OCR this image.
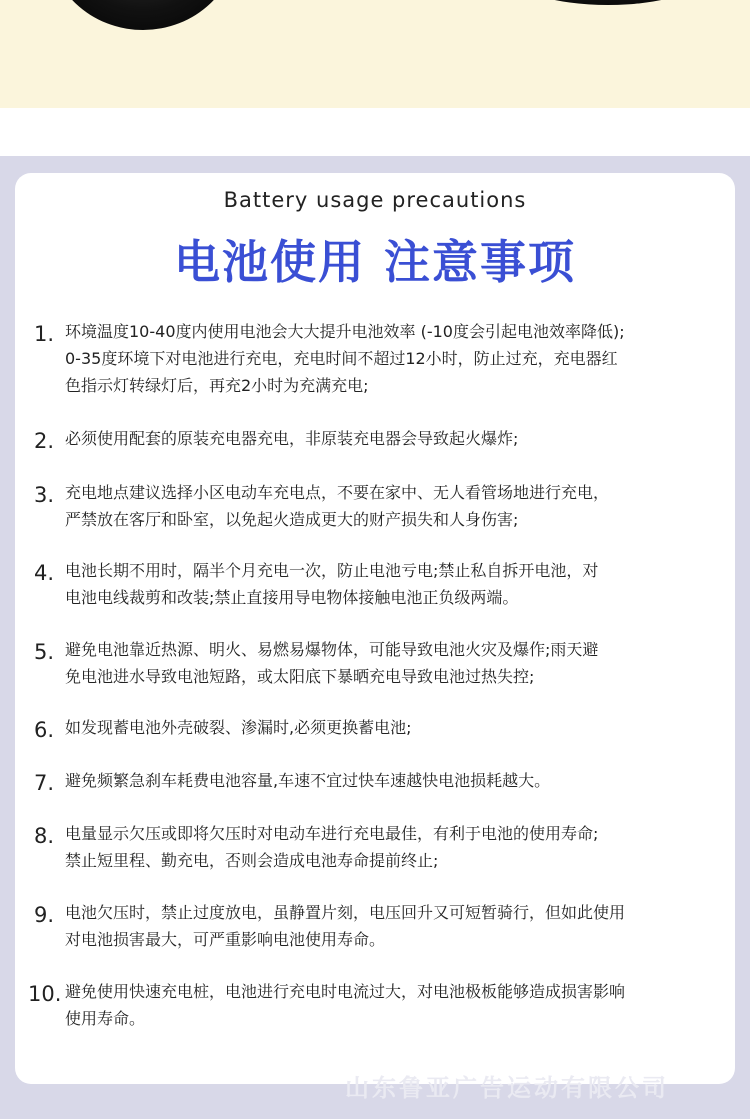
Battery usage precautions
电池使用 注意事项
1. 环境温度10-40度内使用电池会大大提升电池效率 (-10度会引起电池效率降低);
0-35度环境下对电池进行充电，充电时间不超过12小时，防止过充，充电器红
色指示灯转绿灯后，再充2小时为充满充电;
2. 必须使用配套的原装充电器充电，非原装充电器会导致起火爆炸;
3. 充电地点建议选择小区电动车充电点，不要在家中、无人看管场地进行充电，
严禁放在客厅和卧室，以免起火造成更大的财产损失和人身伤害;
4. 电池长期不用时，隔半个月充电一次，防止电池亏电;禁止私自拆开电池，对
电池电线裁剪和改装;禁止直接用导电物体接触电池正负级两端。
5. 避免电池靠近热源、明火、易燃易爆物体，可能导致电池火灾及爆作;雨天避
免电池进水导致电池短路，或太阳底下暴晒充电导致电池过热失控;
6. 如发现蓄电池外壳破裂、渗漏时,必须更换蓄电池;
7. 避免频繁急刹车耗费电池容量,车速不宜过快车速越快电池损耗越大。
8. 电量显示欠压或即将欠压时对电动车进行充电最佳，有利于电池的使用寿命;
禁止短里程、勤充电，否则会造成电池寿命提前终止;
9. 电池欠压时，禁止过度放电，虽静置片刻，电压回升又可短暂骑行，但如此使用
对电池损害最大，可严重影响电池使用寿命。
10. 避免使用快速充电桩，电池进行充电时电流过大，对电池极板能够造成损害影响
使用寿命。
山东鲁亚广告运动有限公司
